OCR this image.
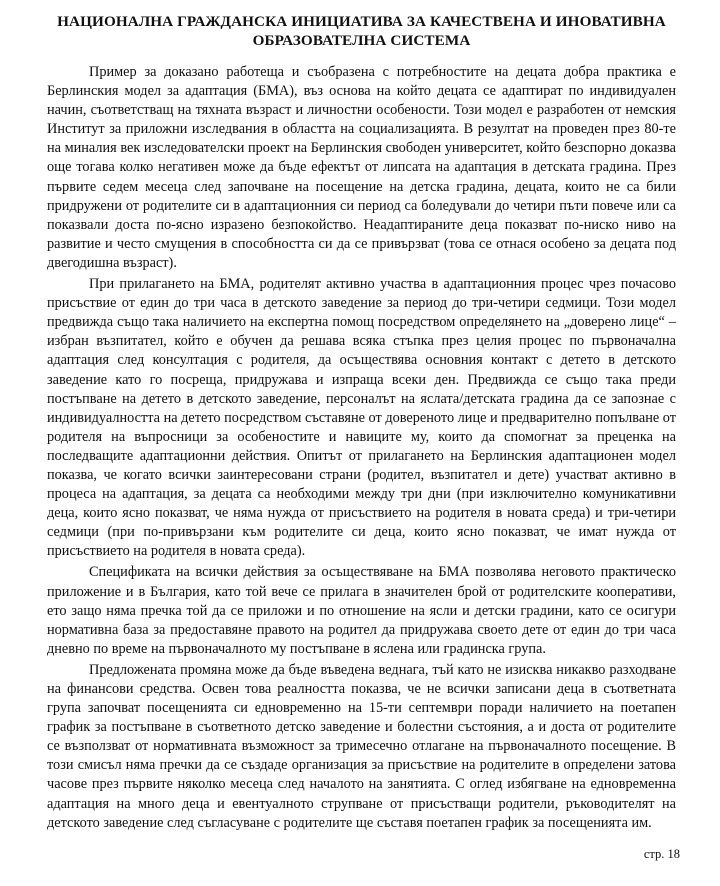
НАЦИОНАЛНА ГРАЖДАНСКА ИНИЦИАТИВА ЗА КАЧЕСТВЕНА И ИНОВАТИВНА
ОБРАЗОВАТЕЛНА СИСТЕМА

Пример за доказано работеща и съобразена с потребностите на децата добра практика е Берлинския модел за адаптация (БМА), въз основа на който децата се адаптират по индивидуален начин, съответстващ на тяхната възраст и личностни особености. Този модел е разработен от немския Институт за приложни изследвания в областта на социализацията. В резултат на проведен през 80-те на миналия век изследователски проект на Берлинския свободен университет, който безспорно доказва още тогава колко негативен може да бъде ефектът от липсата на адаптация в детската градина. През първите седем месеца след започване на посещение на детска градина, децата, които не са били придружени от родителите си в адаптационния си период са боледували до четири пъти повече или са показвали доста по-ясно изразено безпокойство. Неадаптираните деца показват по-ниско ниво на развитие и често смущения в способността си да се привързват (това се отнася особено за децата под двегодишна възраст).

При прилагането на БМА, родителят активно участва в адаптационния процес чрез почасово присъствие от един до три часа в детското заведение за период до три-четири седмици. Този модел предвижда също така наличието на експертна помощ посредством определянето на „доверено лице“ – избран възпитател, който е обучен да решава всяка стъпка през целия процес по първоначална адаптация след консултация с родителя, да осъществява основния контакт с детето в детското заведение като го посреща, придружава и изпраща всеки ден. Предвижда се също така преди постъпване на детето в детското заведение, персоналът на яслата/детската градина да се запознае с индивидуалността на детето посредством съставяне от довереното лице и предварително попълване от родителя на въпросници за особеностите и навиците му, които да спомогнат за преценка на последващите адаптационни действия. Опитът от прилагането на Берлинския адаптационен модел показва, че когато всички заинтересовани страни (родител, възпитател и дете) участват активно в процеса на адаптация, за децата са необходими между три дни (при изключително комуникативни деца, които ясно показват, че няма нужда от присъствието на родителя в новата среда) и три-четири седмици (при по-привързани към родителите си деца, които ясно показват, че имат нужда от присъствието на родителя в новата среда).

Спецификата на всички действия за осъществяване на БМА позволява неговото практическо приложение и в България, като той вече се прилага в значителен брой от родителските кооперативи, ето защо няма пречка той да се приложи и по отношение на ясли и детски градини, като се осигури нормативна база за предоставяне правото на родител да придружава своето дете от един до три часа дневно по време на първоначалното му постъпване в яслена или градинска група.

Предложената промяна може да бъде въведена веднага, тъй като не изисква никакво разходване на финансови средства. Освен това реалността показва, че не всички записани деца в съответната група започват посещенията си едновременно на 15-ти септември поради наличието на поетапен график за постъпване в съответното детско заведение и болестни състояния, а и доста от родителите се възползват от нормативната възможност за тримесечно отлагане на първоначалното посещение. В този смисъл няма пречки да се създаде организация за присъствие на родителите в определени затова часове през първите няколко месеца след началото на занятията. С оглед избягване на едновременна адаптация на много деца и евентуалното струпване от присъстващи родители, ръководителят на детското заведение след съгласуване с родителите ще съставя поетапен график за посещенията им.

стр. 18
